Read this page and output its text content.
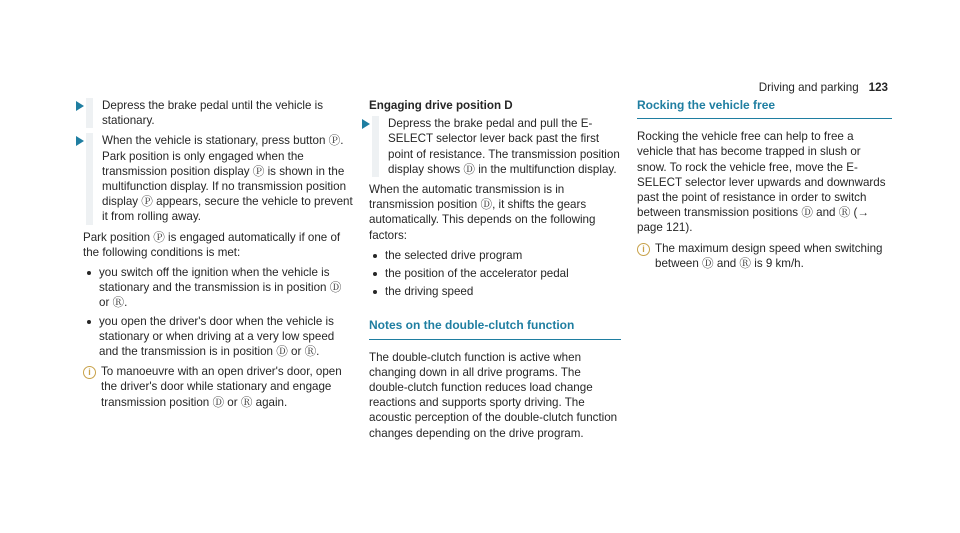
Driving and parking 123
Depress the brake pedal until the vehicle is stationary.
When the vehicle is stationary, press button Ⓟ. Park position is only engaged when the transmission position display Ⓟ is shown in the multifunction display. If no transmission position display Ⓟ appears, secure the vehicle to prevent it from rolling away.

Park position Ⓟ is engaged automatically if one of the following conditions is met:

you switch off the ignition when the vehicle is stationary and the transmission is in position Ⓓ or Ⓡ.
you open the driver's door when the vehicle is stationary or when driving at a very low speed and the transmission is in position Ⓓ or Ⓡ.
i To manoeuvre with an open driver's door, open the driver's door while stationary and engage transmission position Ⓓ or Ⓡ again.

Engaging drive position D

Depress the brake pedal and pull the E-SELECT selector lever back past the first point of resistance. The transmission position display shows Ⓓ in the multifunction display.

When the automatic transmission is in transmission position Ⓓ, it shifts the gears automatically. This depends on the following factors:

the selected drive program
the position of the accelerator pedal
the driving speed
Notes on the double-clutch function

The double-clutch function is active when changing down in all drive programs. The double-clutch function reduces load change reactions and supports sporty driving. The acoustic perception of the double-clutch function changes depending on the drive program.

Rocking the vehicle free

Rocking the vehicle free can help to free a vehicle that has become trapped in slush or snow. To rock the vehicle free, move the E-SELECT selector lever upwards and downwards past the point of resistance in order to switch between transmission positions Ⓓ and Ⓡ (→ page 121).

i The maximum design speed when switching between Ⓓ and Ⓡ is 9 km/h.
